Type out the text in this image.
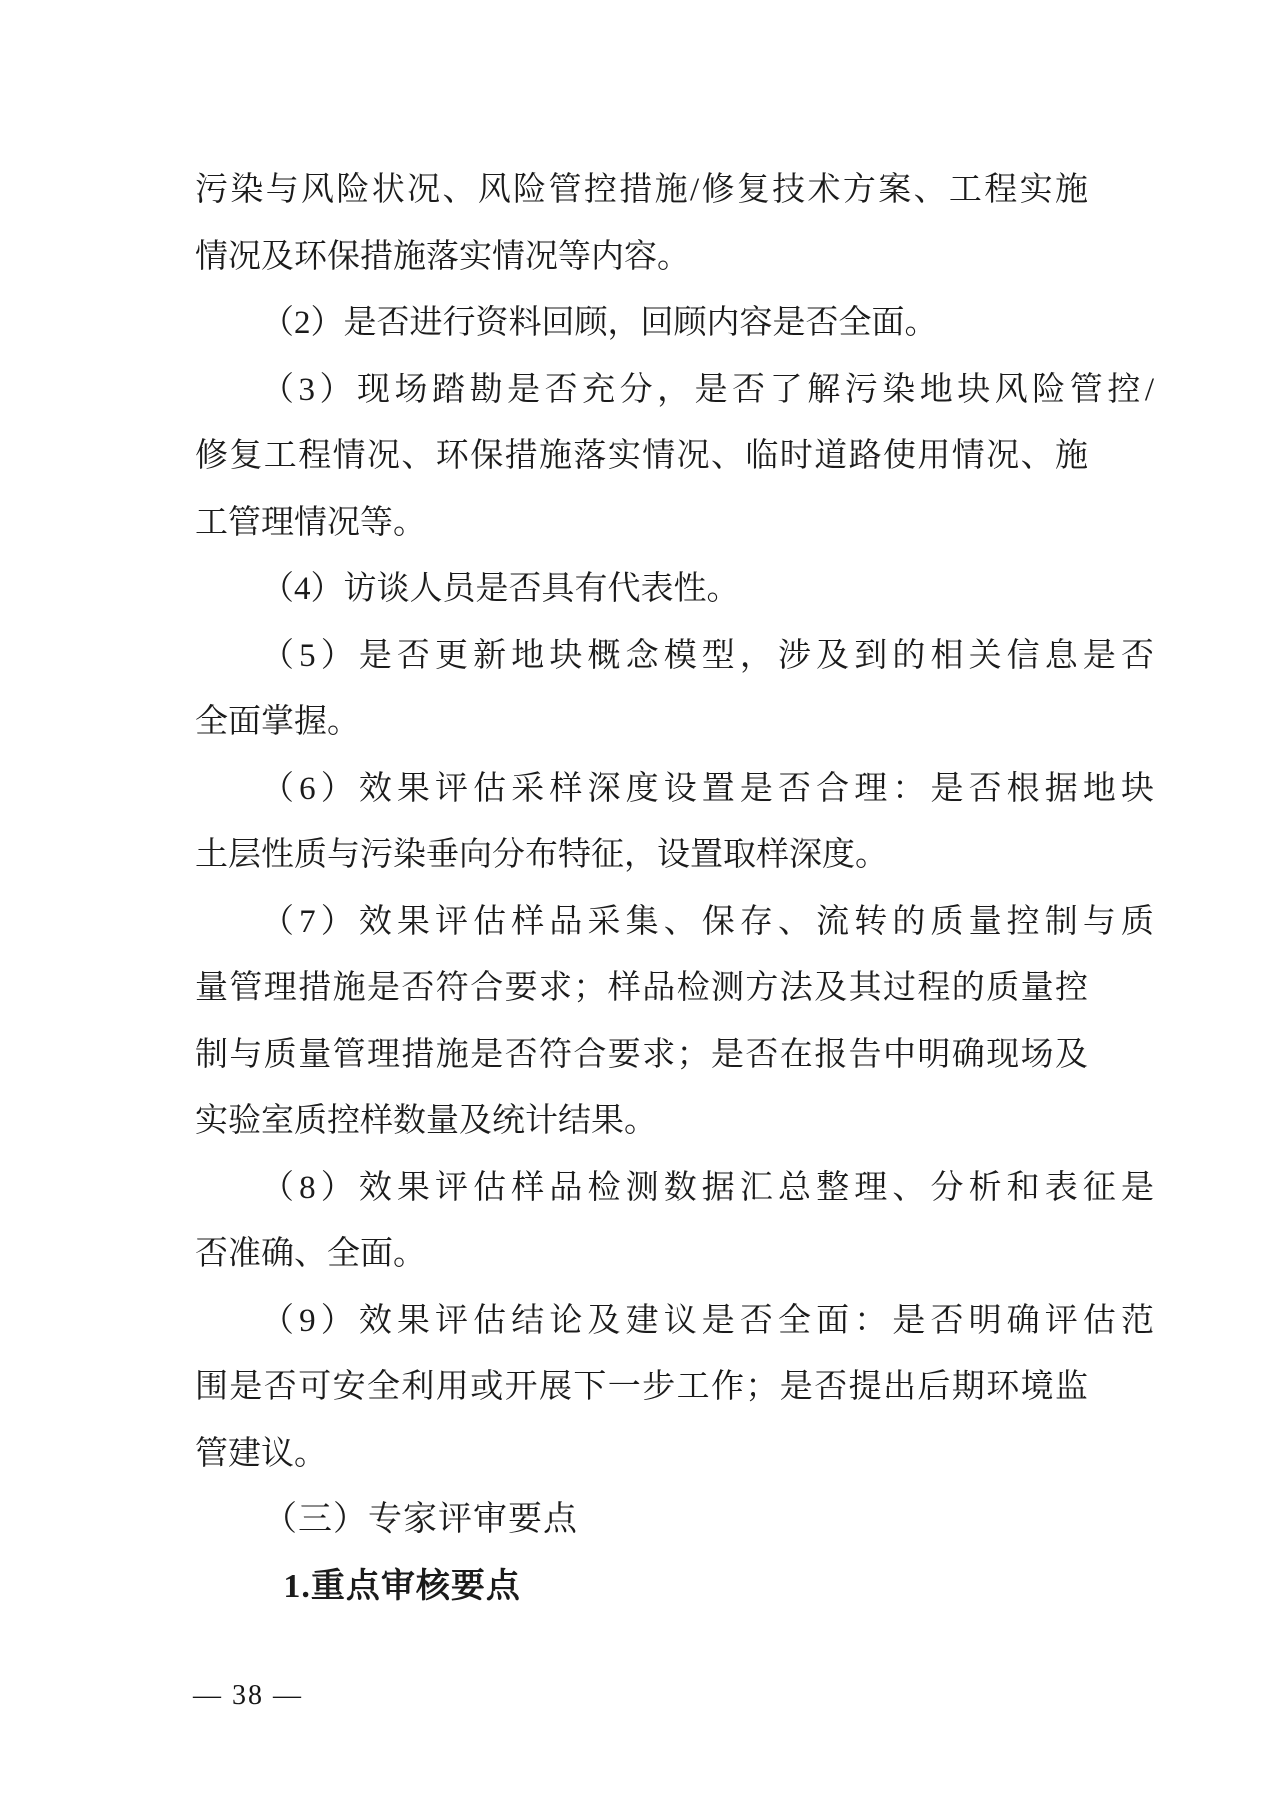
污染与风险状况、风险管控措施/修复技术方案、工程实施
情况及环保措施落实情况等内容。
（2）是否进行资料回顾，回顾内容是否全面。
（3）现场踏勘是否充分，是否了解污染地块风险管控/
修复工程情况、环保措施落实情况、临时道路使用情况、施
工管理情况等。
（4）访谈人员是否具有代表性。
（5）是否更新地块概念模型，涉及到的相关信息是否
全面掌握。
（6）效果评估采样深度设置是否合理：是否根据地块
土层性质与污染垂向分布特征，设置取样深度。
（7）效果评估样品采集、保存、流转的质量控制与质
量管理措施是否符合要求；样品检测方法及其过程的质量控
制与质量管理措施是否符合要求；是否在报告中明确现场及
实验室质控样数量及统计结果。
（8）效果评估样品检测数据汇总整理、分析和表征是
否准确、全面。
（9）效果评估结论及建议是否全面：是否明确评估范
围是否可安全利用或开展下一步工作；是否提出后期环境监
管建议。
（三）专家评审要点
1.重点审核要点
— 38 —
